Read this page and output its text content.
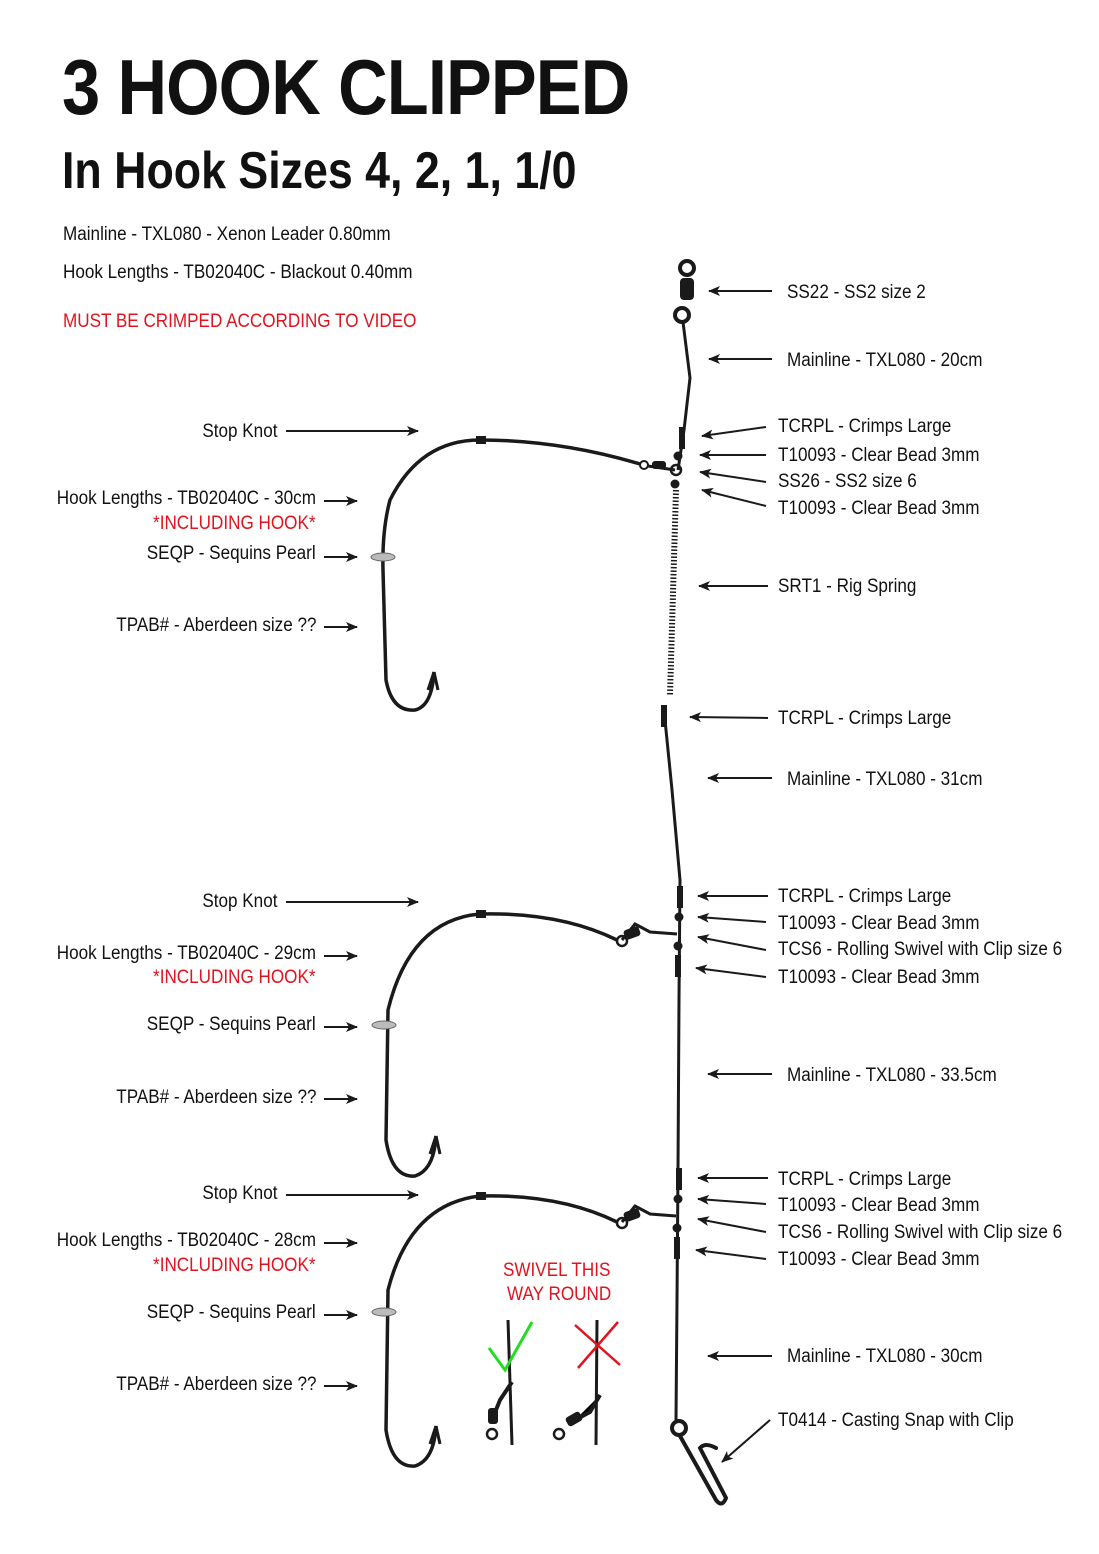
3 HOOK CLIPPED
In Hook Sizes 4, 2, 1, 1/0
Mainline - TXL080 - Xenon Leader 0.80mm
Hook Lengths - TB02040C - Blackout 0.40mm
MUST BE CRIMPED ACCORDING TO VIDEO
SS22 - SS2 size 2
Mainline - TXL080 - 20cm
TCRPL - Crimps Large
T10093 - Clear Bead 3mm
SS26 - SS2 size 6
T10093 - Clear Bead 3mm
SRT1 - Rig Spring
TCRPL - Crimps Large
Mainline - TXL080 - 31cm
TCRPL - Crimps Large
T10093 - Clear Bead 3mm
TCS6 - Rolling Swivel with Clip size 6
T10093 - Clear Bead 3mm
Mainline - TXL080 - 33.5cm
TCRPL - Crimps Large
T10093 - Clear Bead 3mm
TCS6 - Rolling Swivel with Clip size 6
T10093 - Clear Bead 3mm
Mainline - TXL080 - 30cm
T0414 - Casting Snap with Clip
Stop Knot
Hook Lengths - TB02040C - 30cm
*INCLUDING HOOK*
SEQP - Sequins Pearl
TPAB# - Aberdeen size ??
Stop Knot
Hook Lengths - TB02040C - 29cm
*INCLUDING HOOK*
SEQP - Sequins Pearl
TPAB# - Aberdeen size ??
Stop Knot
Hook Lengths - TB02040C - 28cm
*INCLUDING HOOK*
SEQP - Sequins Pearl
TPAB# - Aberdeen size ??
SWIVEL THIS
WAY ROUND
